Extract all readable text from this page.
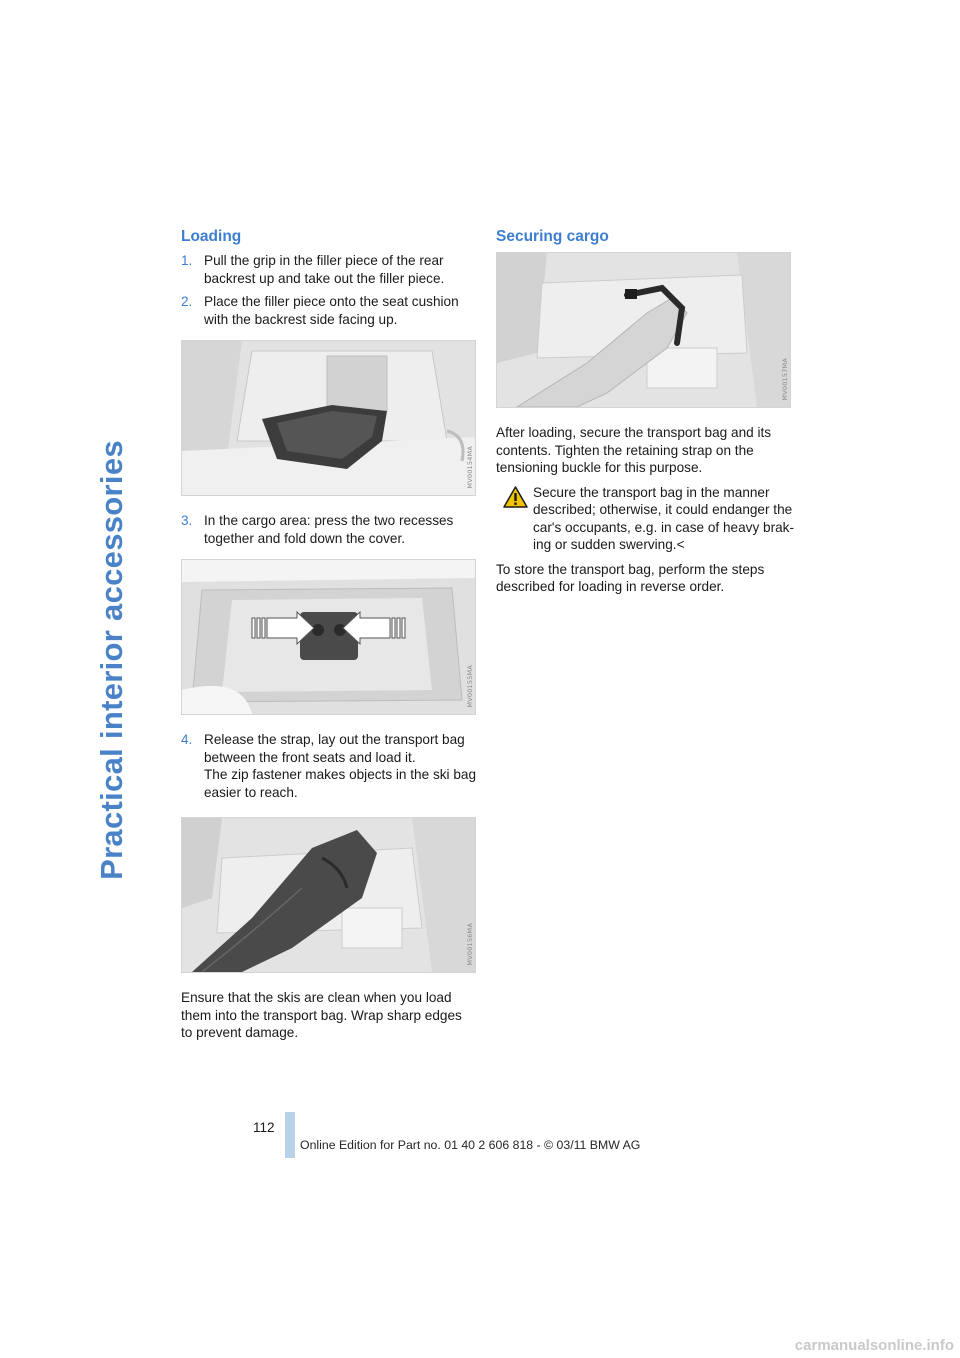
Practical interior accessories
Loading
1. Pull the grip in the filler piece of the rear backrest up and take out the filler piece.
2. Place the filler piece onto the seat cushion with the backrest side facing up.
MV00154MA
3. In the cargo area: press the two recesses together and fold down the cover.
MV00155MA
4. Release the strap, lay out the transport bag between the front seats and load it.
The zip fastener makes objects in the ski bag easier to reach.
MV00156MA

Ensure that the skis are clean when you load them into the transport bag. Wrap sharp edges to prevent damage.

Securing cargo
MV00157MA

After loading, secure the transport bag and its contents. Tighten the retaining strap on the tensioning buckle for this purpose.

Secure the transport bag in the manner described; otherwise, it could endanger the car's occupants, e.g. in case of heavy brak-ing or sudden swerving.<

To store the transport bag, perform the steps described for loading in reverse order.

112
Online Edition for Part no. 01 40 2 606 818 - © 03/11 BMW AG
carmanualsonline.info
